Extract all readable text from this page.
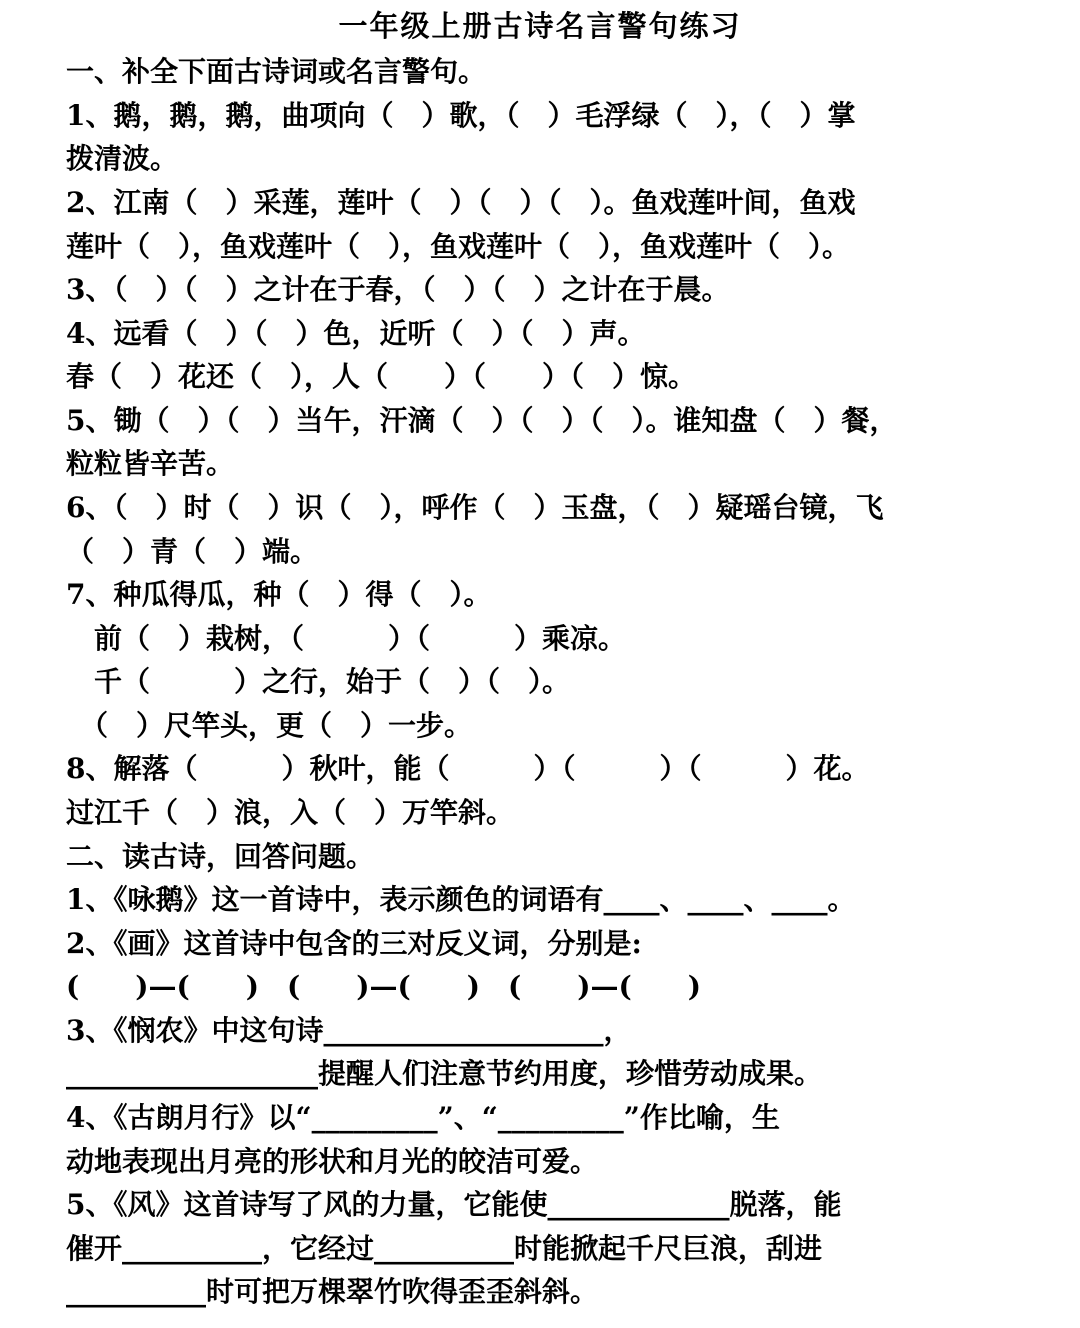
一年级上册古诗名言警句练习
一、补全下面古诗词或名言警句。
1、鹅，鹅，鹅，曲项向（　）歌，（　）毛浮绿（　），（　）掌
拨清波。
2、江南（　）采莲，莲叶（　）（　）（　）。鱼戏莲叶间，鱼戏
莲叶（　），鱼戏莲叶（　），鱼戏莲叶（　），鱼戏莲叶（　）。
3、（　）（　）之计在于春，（　）（　）之计在于晨。
4、远看（　）（　）色，近听（　）（　）声。
春（　）花还（　），人（　　）（　　）（　）惊。
5、锄（　）（　）当午，汗滴（　）（　）（　）。谁知盘（　）餐，
粒粒皆辛苦。
6、（　）时（　）识（　），呼作（　）玉盘，（　）疑瑶台镜，飞
（　）青（　）端。
7、种瓜得瓜，种（　）得（　）。
　前（　）栽树，（　　　）（　　　）乘凉。
　千（　　　）之行，始于（　）（　）。
　（　）尺竿头，更（　）一步。
8、解落（　　　）秋叶，能（　　　）（　　　）（　　　）花。
过江千（　）浪，入（　）万竿斜。
二、读古诗，回答问题。
1、《咏鹅》这一首诗中，表示颜色的词语有____、____、____。
2、《画》这首诗中包含的三对反义词，分别是:
(　　)—(　　)　(　　)—(　　)　(　　)—(　　)
3、《悯农》中这句诗____________________，
__________________提醒人们注意节约用度，珍惜劳动成果。
4、《古朗月行》以“_________”、“_________”作比喻，生
动地表现出月亮的形状和月光的皎洁可爱。
5、《风》这首诗写了风的力量，它能使_____________脱落，能
催开__________，它经过__________时能掀起千尺巨浪，刮进
__________时可把万棵翠竹吹得歪歪斜斜。
